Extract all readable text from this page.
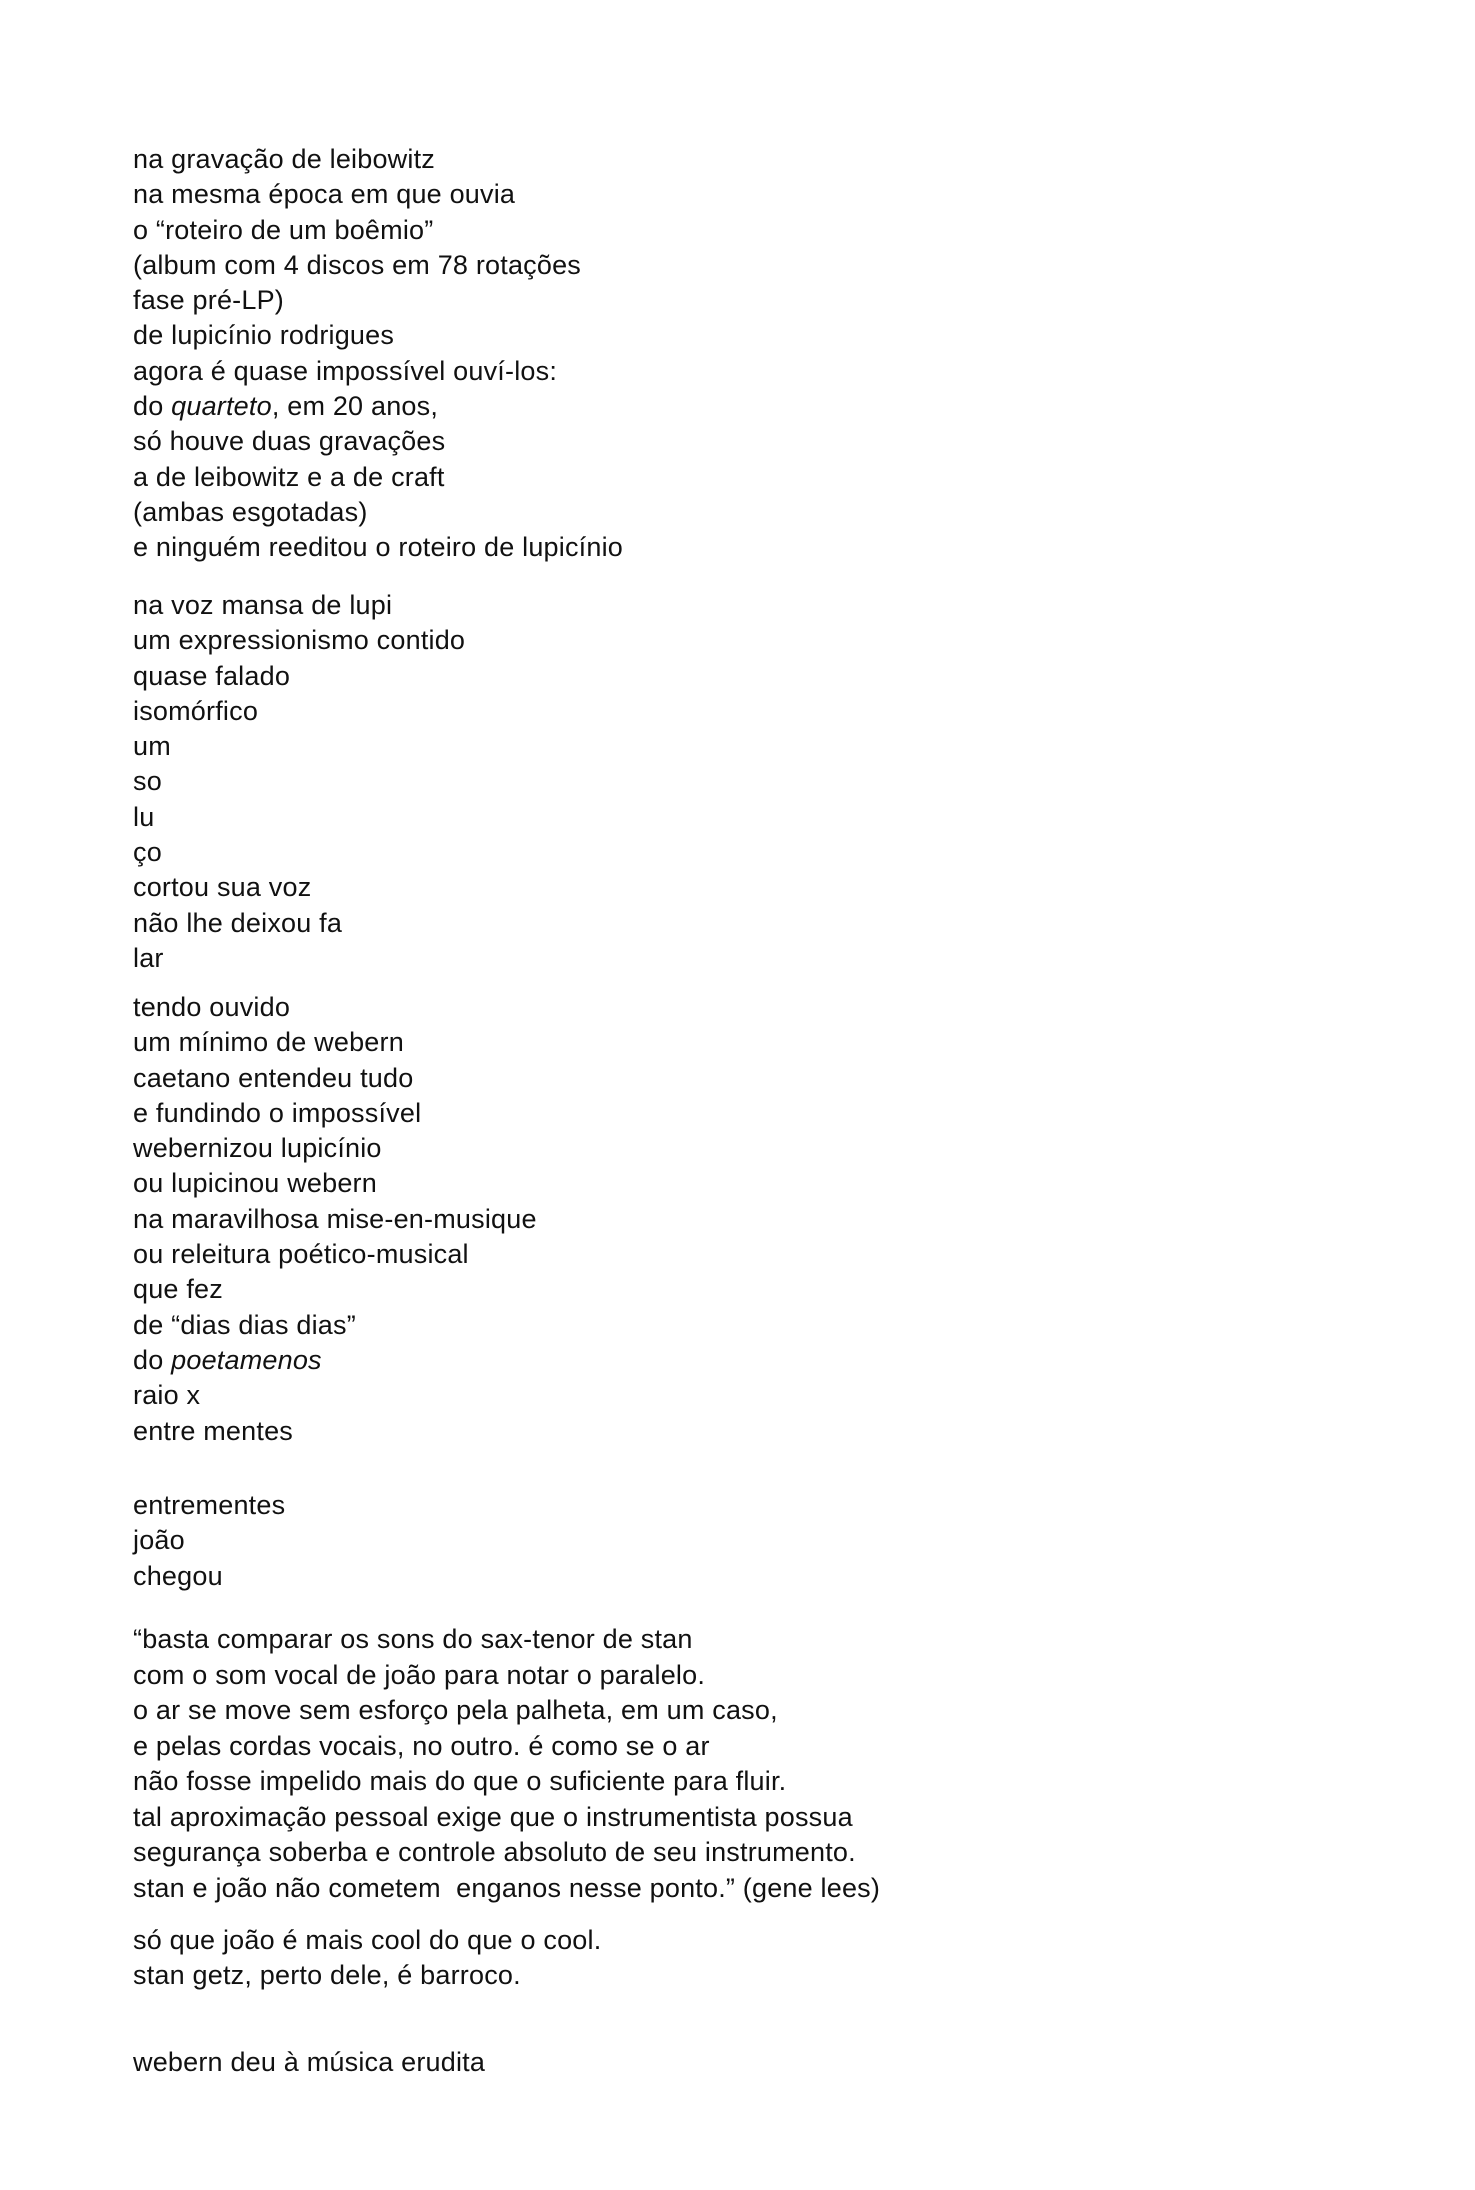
na gravação de leibowitz
na mesma época em que ouvia
o “roteiro de um boêmio”
(album com 4 discos em 78 rotações
fase pré-LP)
de lupicínio rodrigues
agora é quase impossível ouví-los:
do quarteto, em 20 anos,
só houve duas gravações
a de leibowitz e a de craft
(ambas esgotadas)
e ninguém reeditou o roteiro de lupicínio
na voz mansa de lupi
um expressionismo contido
quase falado
isomórfico
um
so
lu
ço
cortou sua voz
não lhe deixou fa
lar
tendo ouvido
um mínimo de webern
caetano entendeu tudo
e fundindo o impossível
webernizou lupicínio
ou lupicinou webern
na maravilhosa mise-en-musique
ou releitura poético-musical
que fez
de “dias dias dias”
do poetamenos
raio x
entre mentes
entrementes
joão
chegou
“basta comparar os sons do sax-tenor de stan
com o som vocal de joão para notar o paralelo.
o ar se move sem esforço pela palheta, em um caso,
e pelas cordas vocais, no outro. é como se o ar
não fosse impelido mais do que o suficiente para fluir.
tal aproximação pessoal exige que o instrumentista possua
segurança soberba e controle absoluto de seu instrumento.
stan e joão não cometem  enganos nesse ponto.” (gene lees)
só que joão é mais cool do que o cool.
stan getz, perto dele, é barroco.
webern deu à música erudita
